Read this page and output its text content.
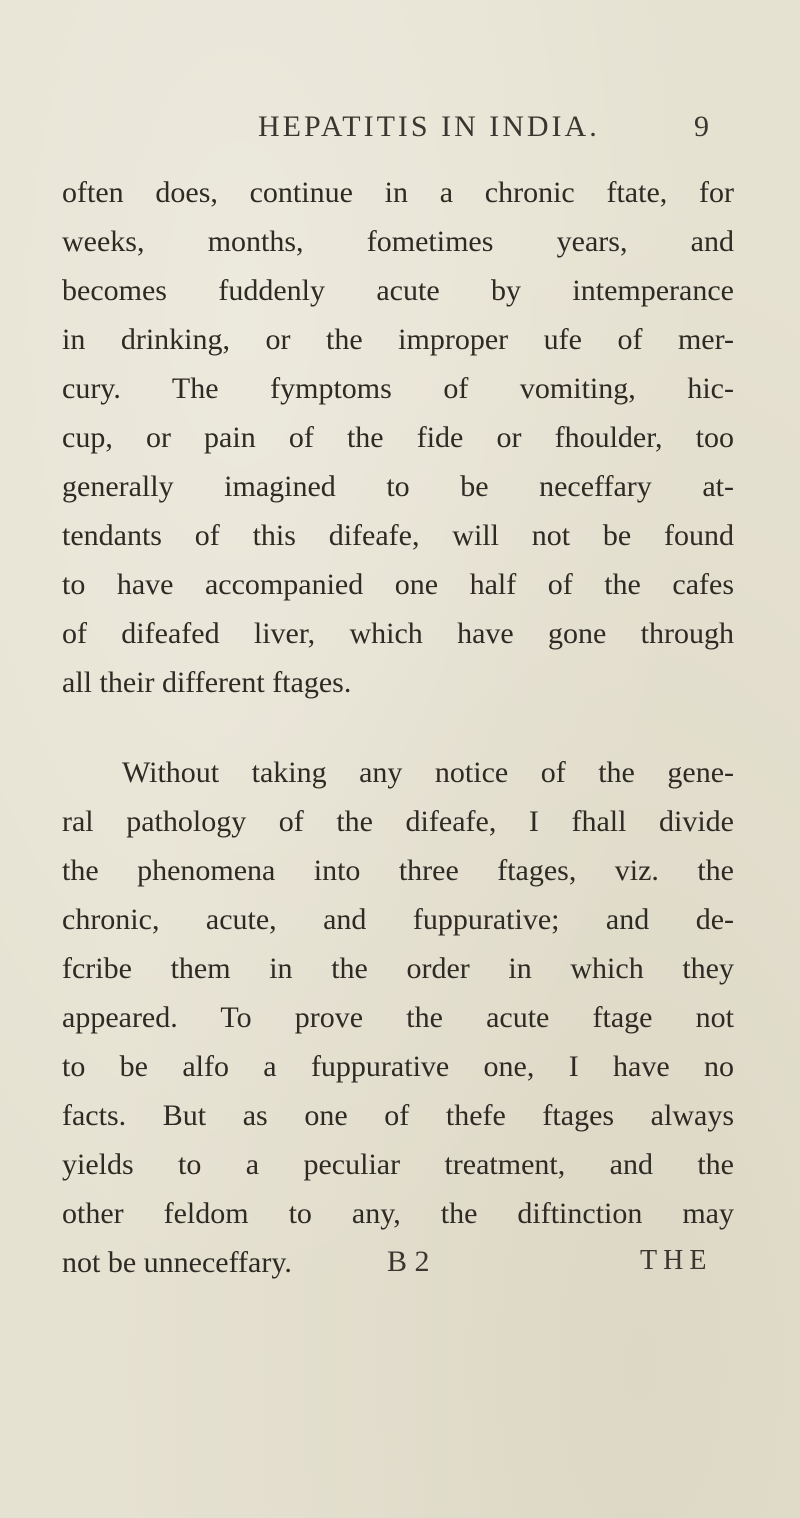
HEPATITIS IN INDIA.	9
often does, continue in a chronic ftate, for
weeks, months, fometimes years, and
becomes fuddenly acute by intemperance
in drinking, or the improper ufe of mer-
cury. The fymptoms of vomiting, hic-
cup, or pain of the fide or fhoulder, too
generally imagined to be neceffary at-
tendants of this difeafe, will not be found
to have accompanied one half of the cafes
of difeafed liver, which have gone through
all their different ftages.
Without taking any notice of the gene-
ral pathology of the difeafe, I fhall divide
the phenomena into three ftages, viz. the
chronic, acute, and fuppurative; and de-
fcribe them in the order in which they
appeared. To prove the acute ftage not
to be alfo a fuppurative one, I have no
facts. But as one of thefe ftages always
yields to a peculiar treatment, and the
other feldom to any, the diftinction may
not be unneceffary.	B 2	THE
